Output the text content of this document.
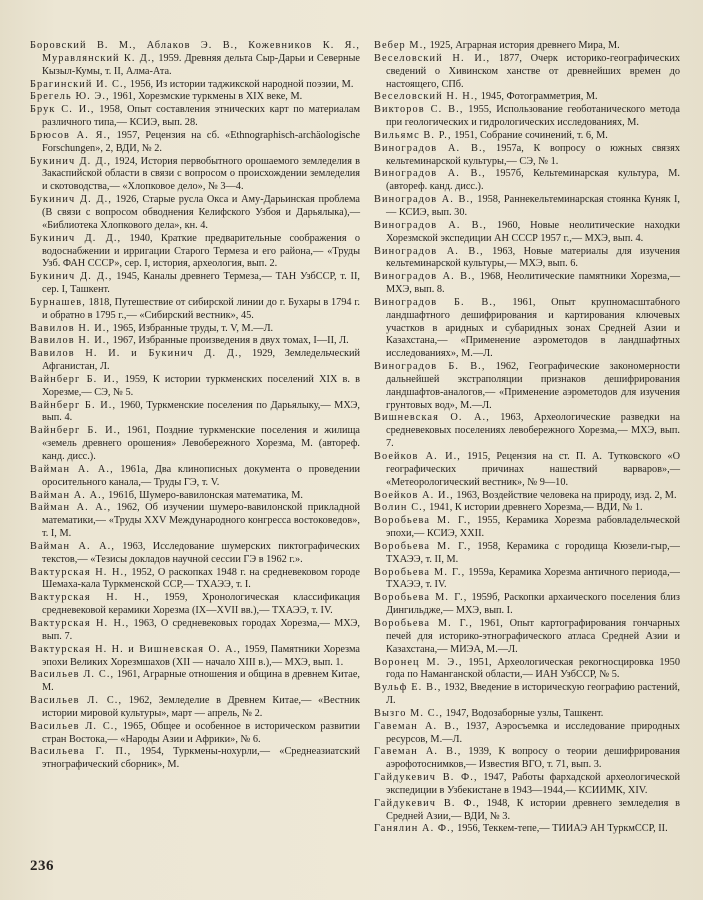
Боровский В. М., Аблаков Э. В., Кожевников К. Я., Муравлянский К. Д., 1959. Древняя дельта Сыр-Дарьи и Северные Кызыл-Кумы, т. II, Алма-Ата.

Брагинский И. С., 1956, Из истории таджикской народной поэзии, М.

Брегель Ю. Э., 1961, Хорезмские туркмены в XIX веке, М.

Брук С. И., 1958, Опыт составления этнических карт по материалам различного типа,— КСИЭ, вып. 28.

Брюсов А. Я., 1957, Рецензия на сб. «Ethnographisch-archäologische Forschungen», 2, ВДИ, № 2.

Букинич Д. Д., 1924, История первобытного орошаемого земледелия в Закаспийской области в связи с вопросом о происхождении земледелия и скотоводства,— «Хлопковое дело», № 3—4.

Букинич Д. Д., 1926, Старые русла Окса и Аму-Дарьинская проблема (В связи с вопросом обводнения Келифского Узбоя и Дарьялыка),— «Библиотека Хлопкового дела», кн. 4.

Букинич Д. Д., 1940, Краткие предварительные соображения о водоснабжении и ирригации Старого Термеза и его района,— «Труды Узб. ФАН СССР», сер. I, история, археология, вып. 2.

Букинич Д. Д., 1945, Каналы древнего Термеза,— ТАН УзбССР, т. II, сер. I, Ташкент.

Бурнашев, 1818, Путешествие от сибирской линии до г. Бухары в 1794 г. и обратно в 1795 г.,— «Сибирский вестник», 45.

Вавилов Н. И., 1965, Избранные труды, т. V, М.—Л.

Вавилов Н. И., 1967, Избранные произведения в двух томах, I—II, Л.

Вавилов Н. И. и Букинич Д. Д., 1929, Земледельческий Афганистан, Л.

Вайнберг Б. И., 1959, К истории туркменских поселений XIX в. в Хорезме,— СЭ, № 5.

Вайнберг Б. И., 1960, Туркменские поселения по Дарьялыку,— МХЭ, вып. 4.

Вайнберг Б. И., 1961, Поздние туркменские поселения и жилища «земель древнего орошения» Левобережного Хорезма, М. (автореф. канд. дисс.).

Вайман А. А., 1961а, Два клинописных документа о проведении оросительного канала,— Труды ГЭ, т. V.

Вайман А. А., 1961б, Шумеро-вавилонская математика, М.

Вайман А. А., 1962, Об изучении шумеро-вавилонской прикладной математики,— «Труды XXV Международного конгресса востоковедов», т. I, М.

Вайман А. А., 1963, Исследование шумерских пиктографических текстов,— «Тезисы докладов научной сессии ГЭ в 1962 г.».

Вактурская Н. Н., 1952, О раскопках 1948 г. на средневековом городе Шемаха-кала Туркменской ССР,— ТХАЭЭ, т. I.

Вактурская Н. Н., 1959, Хронологическая классификация средневековой керамики Хорезма (IX—XVII вв.),— ТХАЭЭ, т. IV.

Вактурская Н. Н., 1963, О средневековых городах Хорезма,— МХЭ, вып. 7.

Вактурская Н. Н. и Вишневская О. А., 1959, Памятники Хорезма эпохи Великих Хорезмшахов (XII — начало XIII в.),— МХЭ, вып. 1.

Васильев Л. С., 1961, Аграрные отношения и община в древнем Китае, М.

Васильев Л. С., 1962, Земледелие в Древнем Китае,— «Вестник истории мировой культуры», март — апрель, № 2.

Васильев Л. С., 1965, Общее и особенное в историческом развитии стран Востока,— «Народы Азии и Африки», № 6.

Васильева Г. П., 1954, Туркмены-нохурли,— «Среднеазиатский этнографический сборник», М.

Вебер М., 1925, Аграрная история древнего Мира, М.

Веселовский Н. И., 1877, Очерк историко-географических сведений о Хивинском ханстве от древнейших времен до настоящего, СПб.

Веселовский Н. Н., 1945, Фотограмметрия, М.

Викторов С. В., 1955, Использование геоботанического метода при геологических и гидрологических исследованиях, М.

Вильямс В. Р., 1951, Собрание сочинений, т. 6, М.

Виноградов А. В., 1957а, К вопросу о южных связях кельтеминарской культуры,— СЭ, № 1.

Виноградов А. В., 1957б, Кельтеминарская культура, М. (автореф. канд. дисс.).

Виноградов А. В., 1958, Раннекельтеминарская стоянка Куняк I,— КСИЭ, вып. 30.

Виноградов А. В., 1960, Новые неолитические находки Хорезмской экспедиции АН СССР 1957 г.,— МХЭ, вып. 4.

Виноградов А. В., 1963, Новые материалы для изучения кельтеминарской культуры,— МХЭ, вып. 6.

Виноградов А. В., 1968, Неолитические памятники Хорезма,— МХЭ, вып. 8.

Виноградов Б. В., 1961, Опыт крупномасштабного ландшафтного дешифрирования и картирования ключевых участков в аридных и субаридных зонах Средней Азии и Казахстана,— «Применение аэрометодов в ландшафтных исследованиях», М.—Л.

Виноградов Б. В., 1962, Географические закономерности дальнейшей экстраполяции признаков дешифрирования ландшафтов-аналогов,— «Применение аэрометодов для изучения грунтовых вод», М.—Л.

Вишневская О. А., 1963, Археологические разведки на средневековых поселениях левобережного Хорезма,— МХЭ, вып. 7.

Воейков А. И., 1915, Рецензия на ст. П. А. Тутковского «О географических причинах нашествий варваров»,— «Метеорологический вестник», № 9—10.

Воейков А. И., 1963, Воздействие человека на природу, изд. 2, М.

Волин С., 1941, К истории древнего Хорезма,— ВДИ, № 1.

Воробьева М. Г., 1955, Керамика Хорезма рабовладельческой эпохи,— КСИЭ, XXII.

Воробьева М. Г., 1958, Керамика с городища Кюзели-гыр,— ТХАЭЭ, т. II, М.

Воробьева М. Г., 1959а, Керамика Хорезма античного периода,— ТХАЭЭ, т. IV.

Воробьева М. Г., 1959б, Раскопки архаического поселения близ Дингильдже,— МХЭ, вып. I.

Воробьева М. Г., 1961, Опыт картографирования гончарных печей для историко-этнографического атласа Средней Азии и Казахстана,— МИЭА, М.—Л.

Воронец М. Э., 1951, Археологическая рекогносцировка 1950 года по Наманганской области,— ИАН УзбССР, № 5.

Вульф Е. В., 1932, Введение в историческую географию растений, Л.

Вызго М. С., 1947, Водозаборные узлы, Ташкент.

Гавеман А. В., 1937, Аэросъемка и исследование природных ресурсов, М.—Л.

Гавеман А. В., 1939, К вопросу о теории дешифрирования аэрофотоснимков,— Известия ВГО, т. 71, вып. 3.

Гайдукевич В. Ф., 1947, Работы фархадской археологической экспедиции в Узбекистане в 1943—1944,— КСИИМК, XIV.

Гайдукевич В. Ф., 1948, К истории древнего земледелия в Средней Азии,— ВДИ, № 3.

Ганялин А. Ф., 1956, Теккем-тепе,— ТИИАЭ АН ТуркмССР, II.

236
